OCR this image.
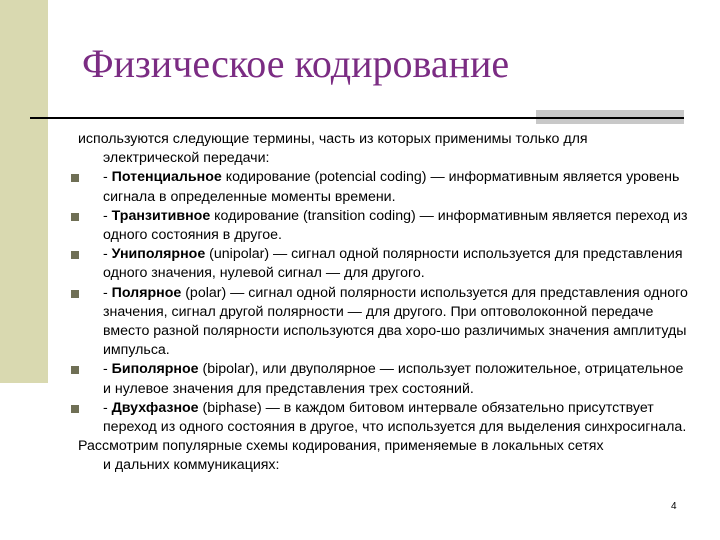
Физическое кодирование
используются следующие термины, часть из которых применимы только для
электрической передачи:
- Потенциальное кодирование (potencial coding) — информативным является уровень сигнала в определенные моменты времени.
- Транзитивное кодирование (transition coding) — информативным является переход из одного состояния в другое.
- Униполярное (unipolar) — сигнал одной полярности используется для представления одного значения, нулевой сигнал — для другого.
- Полярное (polar) — сигнал одной полярности используется для представления одного значения, сигнал другой полярности — для другого. При оптоволоконной передаче вместо разной полярности используются два хоро-шо различимых значения амплитуды импульса.
- Биполярное (bipolar), или двуполярное — использует положительное, отрицательное и нулевое значения для представления трех состояний.
- Двухфазное (biphase) — в каждом битовом интервале обязательно присутствует переход из одного состояния в другое, что используется для выделения синхросигнала.
Рассмотрим популярные схемы кодирования, применяемые в локальных сетях
и дальних коммуникациях:
4
